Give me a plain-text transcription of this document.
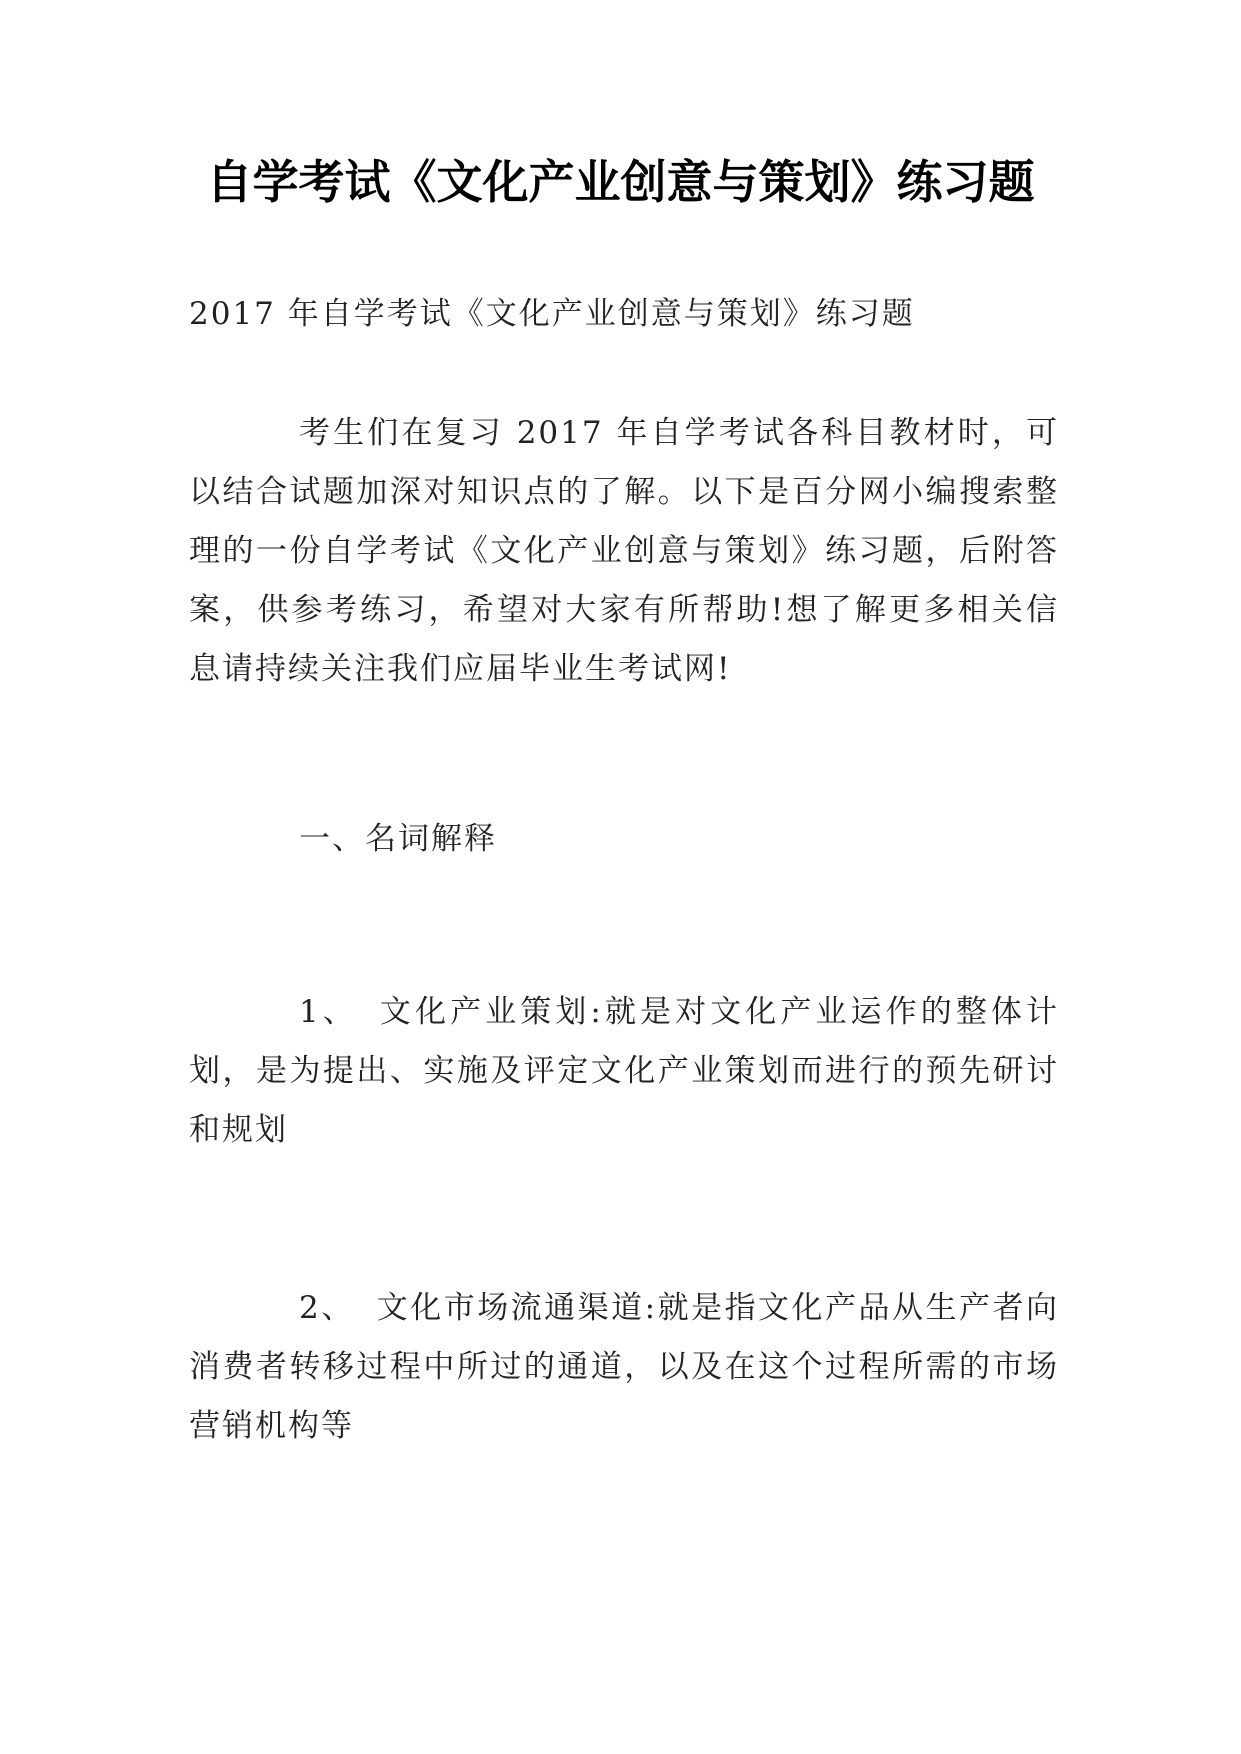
自学考试《文化产业创意与策划》练习题
2017 年自学考试《文化产业创意与策划》练习题
考生们在复习 2017 年自学考试各科目教材时，可以结合试题加深对知识点的了解。以下是百分网小编搜索整理的一份自学考试《文化产业创意与策划》练习题，后附答案，供参考练习，希望对大家有所帮助!想了解更多相关信息请持续关注我们应届毕业生考试网!
一、名词解释
1、 文化产业策划:就是对文化产业运作的整体计划，是为提出、实施及评定文化产业策划而进行的预先研讨和规划
2、 文化市场流通渠道:就是指文化产品从生产者向消费者转移过程中所过的通道，以及在这个过程所需的市场营销机构等
